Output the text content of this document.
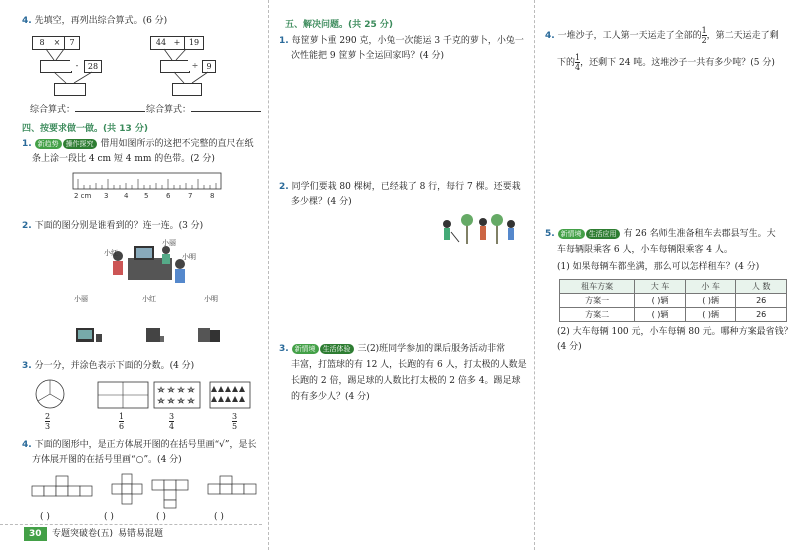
4. 先填空，再列出综合算式。(6 分)
8	×	7
-	28
44 +	19
÷	9
综合算式：	综合算式：
四、按要求做一做。(共 13 分)
1. 新趋势 操作探究 借用如图所示的这把不完整的直尺在纸
条上涂一段比 4 cm 短 4 mm 的色带。(2 分)
2 cm 3 4 5	6	7	8
2. 下面的图分别是谁看到的？连一连。(3 分)
小红
小丽
小明
小丽	小红	小明
3. 分一分，并涂色表示下面的分数。(4 分)
$\frac{2}{3}$	$\frac{1}{6}$	$\frac{3}{4}$	$\frac{3}{5}$
4. 下面的图形中，是正方体展开图的在括号里画“√”，是长
方体展开图的在括号里画“○”。(4 分)
( )	( )	( )	( )
五、解决问题。(共 25 分)
1. 每筐萝卜重 290 克，小兔一次能运 3 千克的萝卜，小兔一
次性能把 9 筐萝卜全运回家吗？(4 分)
2. 同学们要栽 80 棵树，已经栽了 8 行，每行 7 棵。还要栽
多少棵？(4 分)
3. 新情境 生活体验 三(2)班同学参加的课后服务活动非常
丰富，打篮球的有 12 人，长跑的有 6 人，打太极的人数是
长跑的 2 倍，踢足球的人数比打太极的 2 倍多 4。踢足球
的有多少人？(4 分)
4. 一堆沙子，工人第一天运走了全部的 $\frac{1}{2}$ ，第二天运走了剩
下的 $\frac{1}{4}$ ，还剩下 24 吨。这堆沙子一共有多少吨？(5 分)
5. 新情境 生活应用 有 26 名师生准备租车去郡县写生。大
车每辆限乘客 6 人，小车每辆限乘客 4 人。
(1) 如果每辆车都坐满，那么可以怎样租车？(4 分)
租车方案	大 车	小 车	人 数
方案一	( )辆	( )辆	26
方案二	( )辆	( )辆	26
(2) 大车每辆 100 元，小车每辆 80 元。哪种方案最省钱？
(4 分)
30	专题突破卷(五) 易错易混题
